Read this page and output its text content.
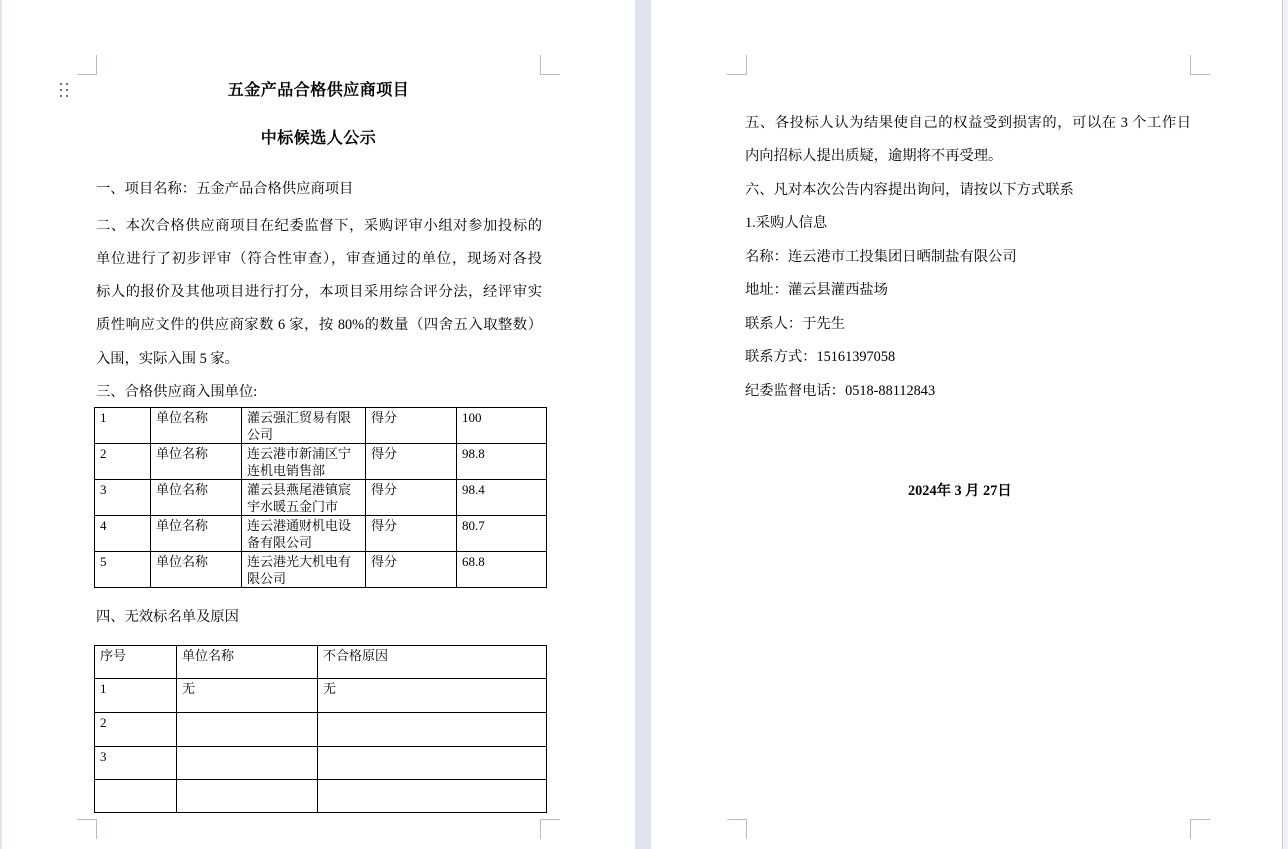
五金产品合格供应商项目
中标候选人公示
一、项目名称：五金产品合格供应商项目
二、本次合格供应商项目在纪委监督下，采购评审小组对参加投标的
单位进行了初步评审（符合性审查），审查通过的单位，现场对各投
标人的报价及其他项目进行打分，本项目采用综合评分法，经评审实
质性响应文件的供应商家数 6 家，按 80%的数量（四舍五入取整数）
入围，实际入围 5 家。
三、合格供应商入围单位:
1	单位名称	灌云强汇贸易有限公司	得分	100
2	单位名称	连云港市新浦区宁连机电销售部	得分	98.8
3	单位名称	灌云县燕尾港镇宸宇水暖五金门市	得分	98.4
4	单位名称	连云港通财机电设备有限公司	得分	80.7
5	单位名称	连云港光大机电有限公司	得分	68.8
四、无效标名单及原因
序号	单位名称	不合格原因
1	无	无
2		
3		

五、各投标人认为结果使自己的权益受到损害的，可以在 3 个工作日
内向招标人提出质疑，逾期将不再受理。
六、凡对本次公告内容提出询问，请按以下方式联系
1.采购人信息
名称：连云港市工投集团日晒制盐有限公司
地址：灌云县灌西盐场
联系人：于先生
联系方式：15161397058
纪委监督电话：0518-88112843
2024年 3 月 27日
